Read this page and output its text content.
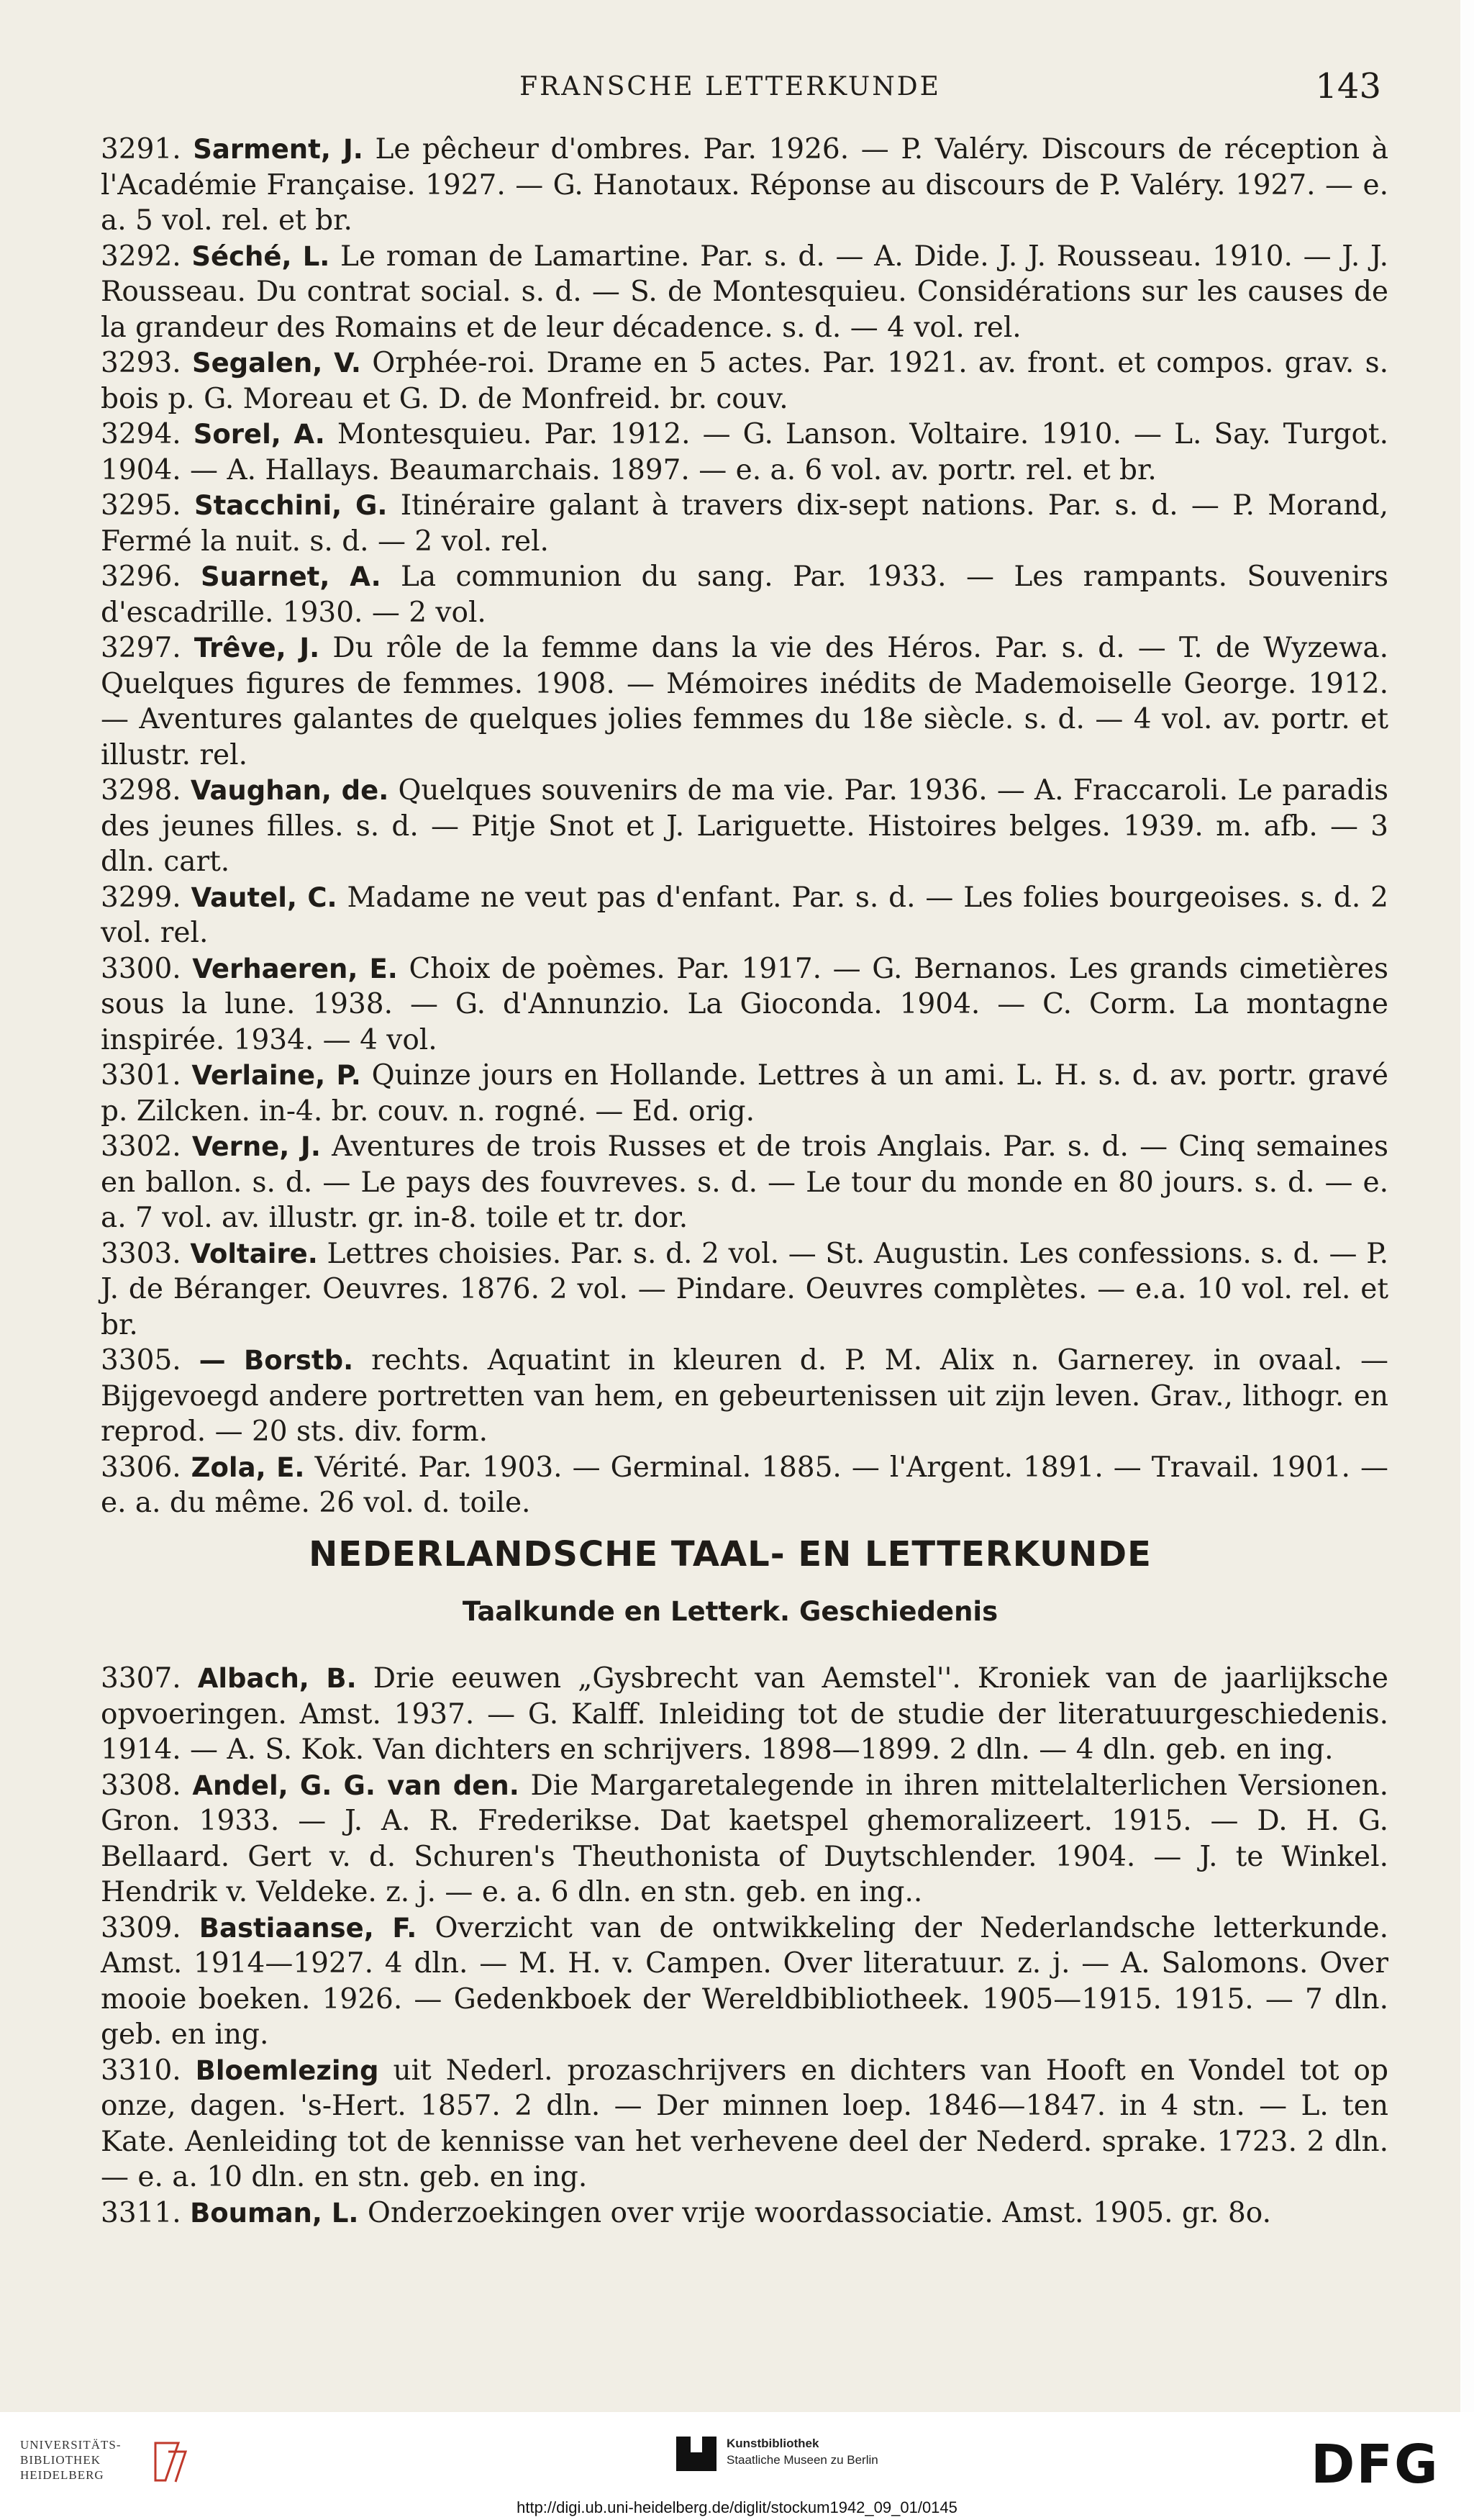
FRANSCHE LETTERKUNDE	143

3291. Sarment, J. Le pêcheur d'ombres. Par. 1926. — P. Valéry. Discours de réception à l'Académie Française. 1927. — G. Hanotaux. Réponse au discours de P. Valéry. 1927. — e. a. 5 vol. rel. et br.

3292. Séché, L. Le roman de Lamartine. Par. s. d. — A. Dide. J. J. Rousseau. 1910. — J. J. Rousseau. Du contrat social. s. d. — S. de Montesquieu. Considérations sur les causes de la grandeur des Romains et de leur décadence. s. d. — 4 vol. rel.

3293. Segalen, V. Orphée-roi. Drame en 5 actes. Par. 1921. av. front. et compos. grav. s. bois p. G. Moreau et G. D. de Monfreid. br. couv.

3294. Sorel, A. Montesquieu. Par. 1912. — G. Lanson. Voltaire. 1910. — L. Say. Turgot. 1904. — A. Hallays. Beaumarchais. 1897. — e. a. 6 vol. av. portr. rel. et br.

3295. Stacchini, G. Itinéraire galant à travers dix-sept nations. Par. s. d. — P. Morand, Fermé la nuit. s. d. — 2 vol. rel.

3296. Suarnet, A. La communion du sang. Par. 1933. — Les rampants. Souvenirs d'escadrille. 1930. — 2 vol.

3297. Trêve, J. Du rôle de la femme dans la vie des Héros. Par. s. d. — T. de Wyzewa. Quelques figures de femmes. 1908. — Mémoires inédits de Mademoiselle George. 1912. — Aventures galantes de quelques jolies femmes du 18e siècle. s. d. — 4 vol. av. portr. et illustr. rel.

3298. Vaughan, de. Quelques souvenirs de ma vie. Par. 1936. — A. Fraccaroli. Le paradis des jeunes filles. s. d. — Pitje Snot et J. Lariguette. Histoires belges. 1939. m. afb. — 3 dln. cart.

3299. Vautel, C. Madame ne veut pas d'enfant. Par. s. d. — Les folies bourgeoises. s. d. 2 vol. rel.

3300. Verhaeren, E. Choix de poèmes. Par. 1917. — G. Bernanos. Les grands cimetières sous la lune. 1938. — G. d'Annunzio. La Gioconda. 1904. — C. Corm. La montagne inspirée. 1934. — 4 vol.

3301. Verlaine, P. Quinze jours en Hollande. Lettres à un ami. L. H. s. d. av. portr. gravé p. Zilcken. in-4. br. couv. n. rogné. — Ed. orig.

3302. Verne, J. Aventures de trois Russes et de trois Anglais. Par. s. d. — Cinq semaines en ballon. s. d. — Le pays des fouvreves. s. d. — Le tour du monde en 80 jours. s. d. — e. a. 7 vol. av. illustr. gr. in-8. toile et tr. dor.

3303. Voltaire. Lettres choisies. Par. s. d. 2 vol. — St. Augustin. Les confessions. s. d. — P. J. de Béranger. Oeuvres. 1876. 2 vol. — Pindare. Oeuvres complètes. — e.a. 10 vol. rel. et br.

3305. — Borstb. rechts. Aquatint in kleuren d. P. M. Alix n. Garnerey. in ovaal. — Bijgevoegd andere portretten van hem, en gebeurtenissen uit zijn leven. Grav., lithogr. en reprod. — 20 sts. div. form.

3306. Zola, E. Vérité. Par. 1903. — Germinal. 1885. — l'Argent. 1891. — Travail. 1901. — e. a. du même. 26 vol. d. toile.

NEDERLANDSCHE TAAL- EN LETTERKUNDE
Taalkunde en Letterk. Geschiedenis

3307. Albach, B. Drie eeuwen „Gysbrecht van Aemstel''. Kroniek van de jaarlijksche opvoeringen. Amst. 1937. — G. Kalff. Inleiding tot de studie der literatuurgeschiedenis. 1914. — A. S. Kok. Van dichters en schrijvers. 1898—1899. 2 dln. — 4 dln. geb. en ing.

3308. Andel, G. G. van den. Die Margaretalegende in ihren mittelalterlichen Versionen. Gron. 1933. — J. A. R. Frederikse. Dat kaetspel ghemoralizeert. 1915. — D. H. G. Bellaard. Gert v. d. Schuren's Theuthonista of Duytschlender. 1904. — J. te Winkel. Hendrik v. Veldeke. z. j. — e. a. 6 dln. en stn. geb. en ing..

3309. Bastiaanse, F. Overzicht van de ontwikkeling der Nederlandsche letterkunde. Amst. 1914—1927. 4 dln. — M. H. v. Campen. Over literatuur. z. j. — A. Salomons. Over mooie boeken. 1926. — Gedenkboek der Wereldbibliotheek. 1905—1915. 1915. — 7 dln. geb. en ing.

3310. Bloemlezing uit Nederl. prozaschrijvers en dichters van Hooft en Vondel tot op onze, dagen. 's-Hert. 1857. 2 dln. — Der minnen loep. 1846—1847. in 4 stn. — L. ten Kate. Aenleiding tot de kennisse van het verhevene deel der Nederd. sprake. 1723. 2 dln. — e. a. 10 dln. en stn. geb. en ing.

3311. Bouman, L. Onderzoekingen over vrije woordassociatie. Amst. 1905. gr. 8o.

UNIVERSITÄTS-
BIBLIOTHEK
HEIDELBERG
Kunstbibliothek
Staatliche Museen zu Berlin	DFG
http://digi.ub.uni-heidelberg.de/diglit/stockum1942_09_01/0145
